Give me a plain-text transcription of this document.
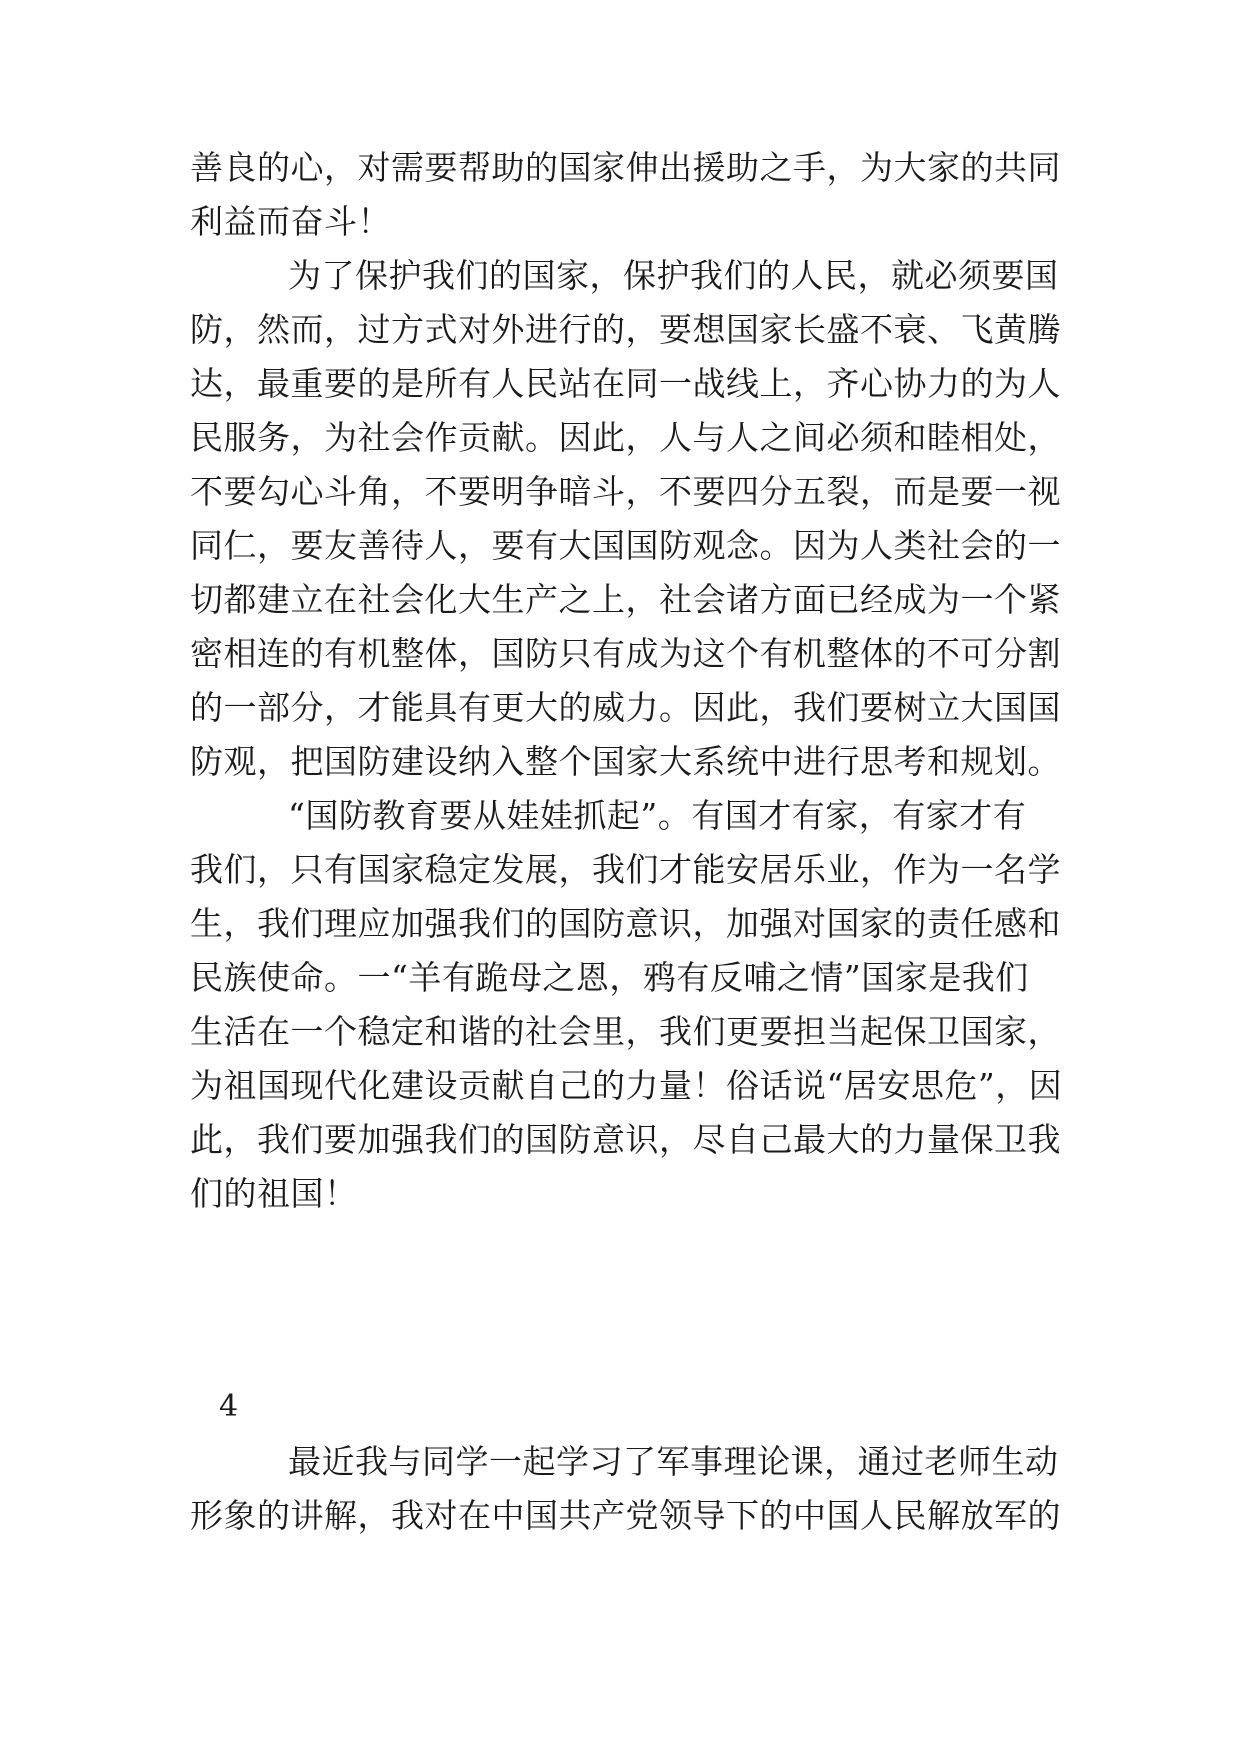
善良的心，对需要帮助的国家伸出援助之手，为大家的共同
利益而奋斗！
为了保护我们的国家，保护我们的人民，就必须要国
防，然而，过方式对外进行的，要想国家长盛不衰、飞黄腾
达，最重要的是所有人民站在同一战线上，齐心协力的为人
民服务，为社会作贡献。因此，人与人之间必须和睦相处，
不要勾心斗角，不要明争暗斗，不要四分五裂，而是要一视
同仁，要友善待人，要有大国国防观念。因为人类社会的一
切都建立在社会化大生产之上，社会诸方面已经成为一个紧
密相连的有机整体，国防只有成为这个有机整体的不可分割
的一部分，才能具有更大的威力。因此，我们要树立大国国
防观，把国防建设纳入整个国家大系统中进行思考和规划。
“国防教育要从娃娃抓起”。有国才有家，有家才有
我们，只有国家稳定发展，我们才能安居乐业，作为一名学
生，我们理应加强我们的国防意识，加强对国家的责任感和
民族使命。一“羊有跪母之恩，鸦有反哺之情”国家是我们
生活在一个稳定和谐的社会里，我们更要担当起保卫国家，
为祖国现代化建设贡献自己的力量！俗话说“居安思危”，因
此，我们要加强我们的国防意识，尽自己最大的力量保卫我
们的祖国！
4
最近我与同学一起学习了军事理论课，通过老师生动
形象的讲解，我对在中国共产党领导下的中国人民解放军的
